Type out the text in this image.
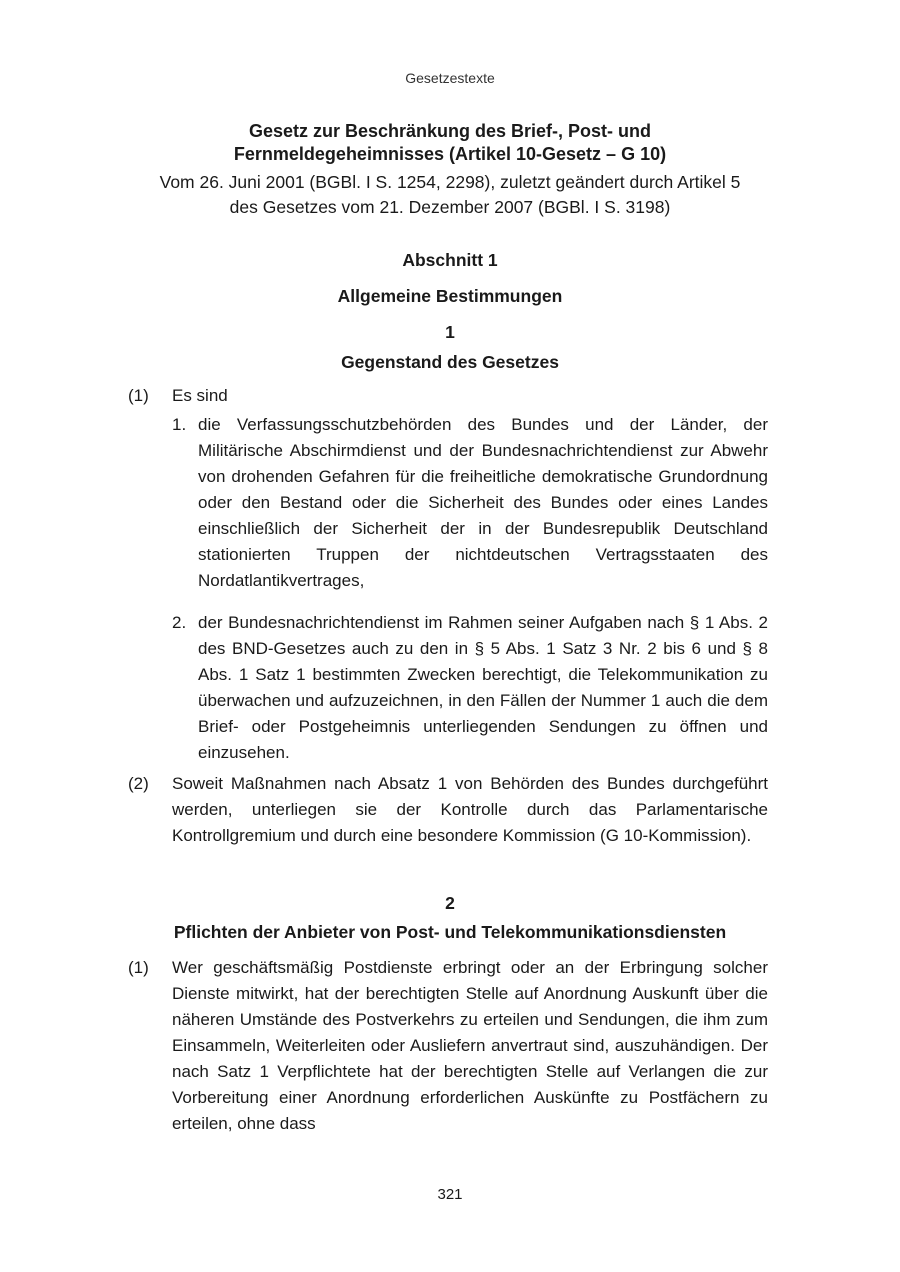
Gesetzestexte
Gesetz zur Beschränkung des Brief-, Post- und Fernmeldegeheimnisses (Artikel 10-Gesetz – G 10)
Vom 26. Juni 2001 (BGBl. I S. 1254, 2298), zuletzt geändert durch Artikel 5 des Gesetzes vom 21. Dezember 2007 (BGBl. I S. 3198)
Abschnitt 1
Allgemeine Bestimmungen
1
Gegenstand des Gesetzes
(1) Es sind
1. die Verfassungsschutzbehörden des Bundes und der Länder, der Militärische Abschirmdienst und der Bundesnachrichtendienst zur Abwehr von drohenden Gefahren für die freiheitliche demokratische Grundordnung oder den Bestand oder die Sicherheit des Bundes oder eines Landes einschließlich der Sicherheit der in der Bundesrepublik Deutschland stationierten Truppen der nichtdeutschen Vertragsstaaten des Nordatlantikvertrages,
2. der Bundesnachrichtendienst im Rahmen seiner Aufgaben nach § 1 Abs. 2 des BND-Gesetzes auch zu den in § 5 Abs. 1 Satz 3 Nr. 2 bis 6 und § 8 Abs. 1 Satz 1 bestimmten Zwecken berechtigt, die Telekommunikation zu überwachen und aufzuzeichnen, in den Fällen der Nummer 1 auch die dem Brief- oder Postgeheimnis unterliegenden Sendungen zu öffnen und einzusehen.
(2) Soweit Maßnahmen nach Absatz 1 von Behörden des Bundes durchgeführt werden, unterliegen sie der Kontrolle durch das Parlamentarische Kontrollgremium und durch eine besondere Kommission (G 10-Kommission).
2
Pflichten der Anbieter von Post- und Telekommunikationsdiensten
(1) Wer geschäftsmäßig Postdienste erbringt oder an der Erbringung solcher Dienste mitwirkt, hat der berechtigten Stelle auf Anordnung Auskunft über die näheren Umstände des Postverkehrs zu erteilen und Sendungen, die ihm zum Einsammeln, Weiterleiten oder Ausliefern anvertraut sind, auszuhändigen. Der nach Satz 1 Verpflichtete hat der berechtigten Stelle auf Verlangen die zur Vorbereitung einer Anordnung erforderlichen Auskünfte zu Postfächern zu erteilen, ohne dass
321
